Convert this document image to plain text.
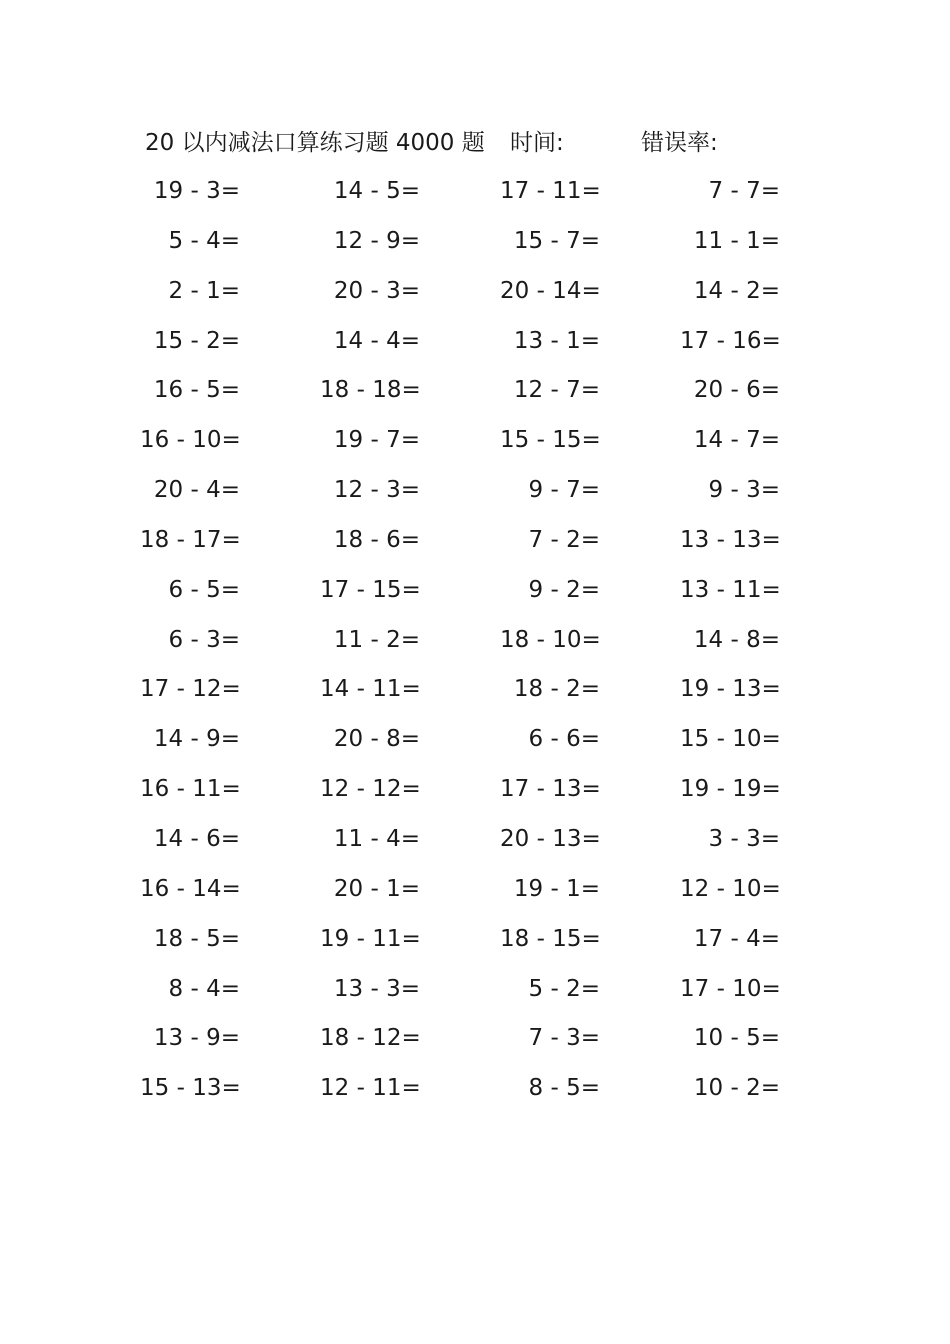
20 以内减法口算练习题 4000 题 时间:	错误率:
19 - 3=	14 - 5=	17 - 11=	7 - 7=
5 - 4=	12 - 9=	15 - 7=	11 - 1=
2 - 1=	20 - 3=	20 - 14=	14 - 2=
15 - 2=	14 - 4=	13 - 1=	17 - 16=
16 - 5=	18 - 18=	12 - 7=	20 - 6=
16 - 10=	19 - 7=	15 - 15=	14 - 7=
20 - 4=	12 - 3=	9 - 7=	9 - 3=
18 - 17=	18 - 6=	7 - 2=	13 - 13=
6 - 5=	17 - 15=	9 - 2=	13 - 11=
6 - 3=	11 - 2=	18 - 10=	14 - 8=
17 - 12=	14 - 11=	18 - 2=	19 - 13=
14 - 9=	20 - 8=	6 - 6=	15 - 10=
16 - 11=	12 - 12=	17 - 13=	19 - 19=
14 - 6=	11 - 4=	20 - 13=	3 - 3=
16 - 14=	20 - 1=	19 - 1=	12 - 10=
18 - 5=	19 - 11=	18 - 15=	17 - 4=
8 - 4=	13 - 3=	5 - 2=	17 - 10=
13 - 9=	18 - 12=	7 - 3=	10 - 5=
15 - 13=	12 - 11=	8 - 5=	10 - 2=
